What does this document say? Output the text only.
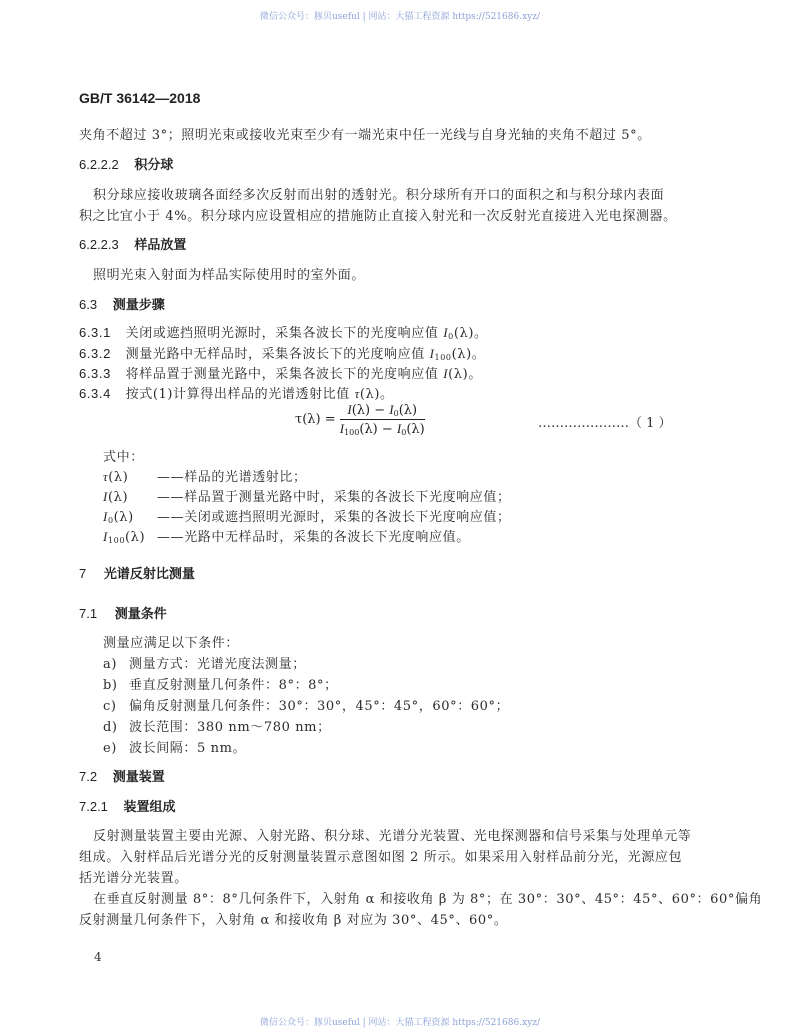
微信公众号：豚贝useful | 网站：大猫工程资源 https://521686.xyz/
GB/T 36142—2018
夹角不超过 3°；照明光束或接收光束至少有一端光束中任一光线与自身光轴的夹角不超过 5°。
6.2.2.2 积分球
积分球应接收玻璃各面经多次反射而出射的透射光。积分球所有开口的面积之和与积分球内表面
积之比宜小于 4%。积分球内应设置相应的措施防止直接入射光和一次反射光直接进入光电探测器。
6.2.2.3 样品放置
照明光束入射面为样品实际使用时的室外面。
6.3 测量步骤
6.3.1 关闭或遮挡照明光源时，采集各波长下的光度响应值 $I_0(\lambda)$。
6.3.2 测量光路中无样品时，采集各波长下的光度响应值 $I_{100}(\lambda)$。
6.3.3 将样品置于测量光路中，采集各波长下的光度响应值 I(λ)。
6.3.4 按式(1)计算得出样品的光谱透射比值 τ(λ)。
$\tau(\lambda) = \frac{I(\lambda) - I_0(\lambda)}{I_{100}(\lambda) - I_0(\lambda)}$	…………………（ 1 ）
式中：
τ(λ) ——样品的光谱透射比；
I(λ) ——样品置于测量光路中时，采集的各波长下光度响应值；
$I_0(\lambda)$ ——关闭或遮挡照明光源时，采集的各波长下光度响应值；
$I_{100}(\lambda)$ ——光路中无样品时，采集的各波长下光度响应值。
7 光谱反射比测量
7.1 测量条件
测量应满足以下条件：
a) 测量方式：光谱光度法测量；
b) 垂直反射测量几何条件：8°：8°；
c) 偏角反射测量几何条件：30°：30°，45°：45°，60°：60°；
d) 波长范围：380 nm～780 nm；
e) 波长间隔：5 nm。
7.2 测量装置
7.2.1 装置组成
反射测量装置主要由光源、入射光路、积分球、光谱分光装置、光电探测器和信号采集与处理单元等
组成。入射样品后光谱分光的反射测量装置示意图如图 2 所示。如果采用入射样品前分光，光源应包
括光谱分光装置。
在垂直反射测量 8°：8°几何条件下，入射角 α 和接收角 β 为 8°；在 30°：30°、45°：45°、60°：60°偏角
反射测量几何条件下，入射角 α 和接收角 β 对应为 30°、45°、60°。
4
微信公众号：豚贝useful | 网站：大猫工程资源 https://521686.xyz/
